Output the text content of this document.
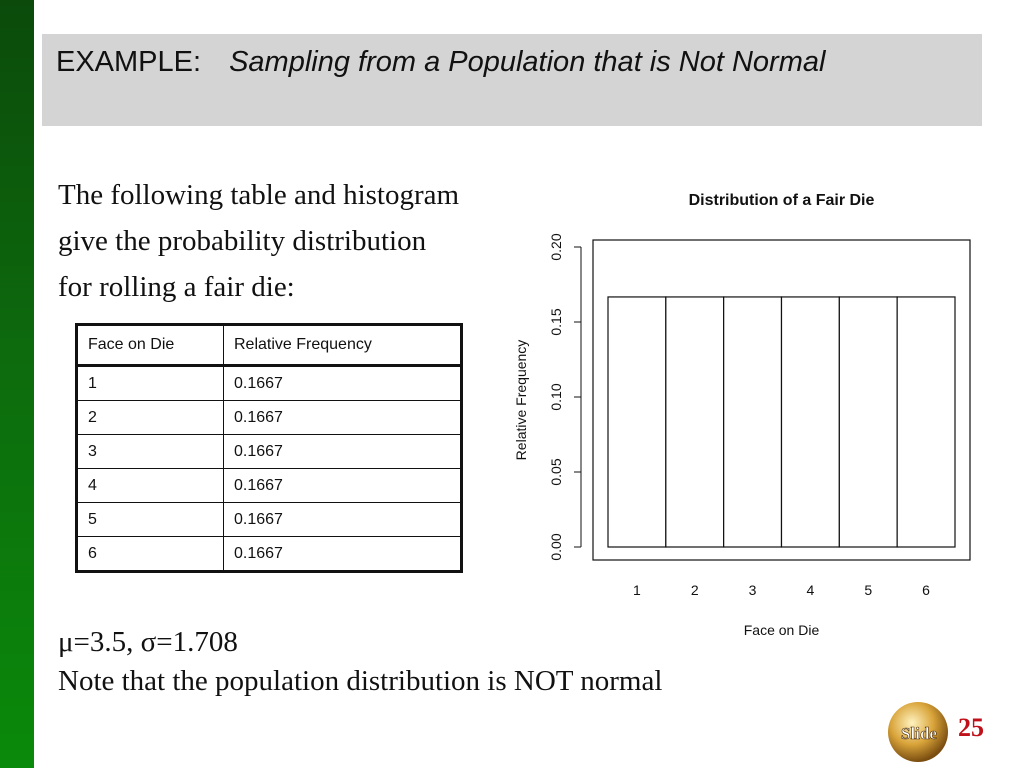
EXAMPLE: Sampling from a Population that is Not Normal
The following table and histogram
give the probability distribution
for rolling a fair die:
Face on Die	Relative Frequency
1	0.1667
2	0.1667
3	0.1667
4	0.1667
5	0.1667
6	0.1667
Distribution of a Fair Die
0.00
0.05
0.10
0.15
0.20
1	2	3	4	5	6
Face on Die
Relative Frequency
μ=3.5, σ=1.708
Note that the population distribution is NOT normal
Slide 25
